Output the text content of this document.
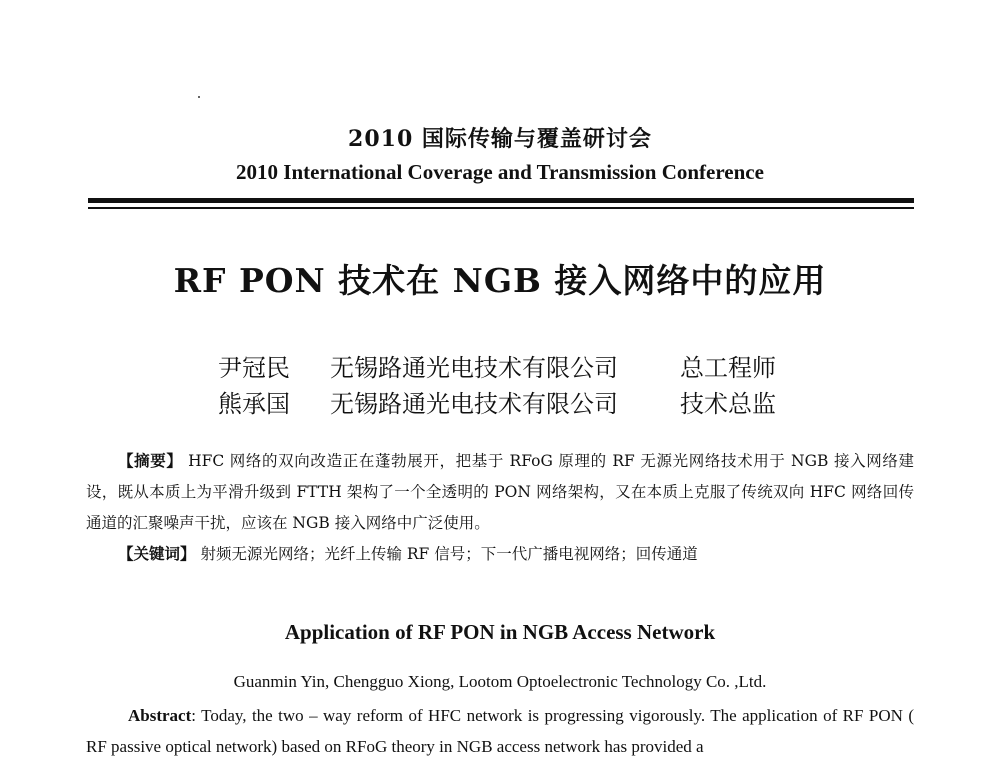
2010 国际传输与覆盖研讨会
2010 International Coverage and Transmission Conference
RF PON 技术在 NGB 接入网络中的应用
尹冠民 无锡路通光电技术有限公司	总工程师
熊承国 无锡路通光电技术有限公司	技术总监

【摘要】 HFC 网络的双向改造正在蓬勃展开，把基于 RFoG 原理的 RF 无源光网络技术用于 NGB 接入网络建设，既从本质上为平滑升级到 FTTH 架构了一个全透明的 PON 网络架构，又在本质上克服了传统双向 HFC 网络回传通道的汇聚噪声干扰，应该在 NGB 接入网络中广泛使用。

【关键词】 射频无源光网络；光纤上传输 RF 信号；下一代广播电视网络；回传通道

Application of RF PON in NGB Access Network
Guanmin Yin, Chengguo Xiong, Lootom Optoelectronic Technology Co. ,Ltd.
Abstract: Today, the two – way reform of HFC network is progressing vigorously. The application of RF PON ( RF passive optical network) based on RFoG theory in NGB access network has provided a
